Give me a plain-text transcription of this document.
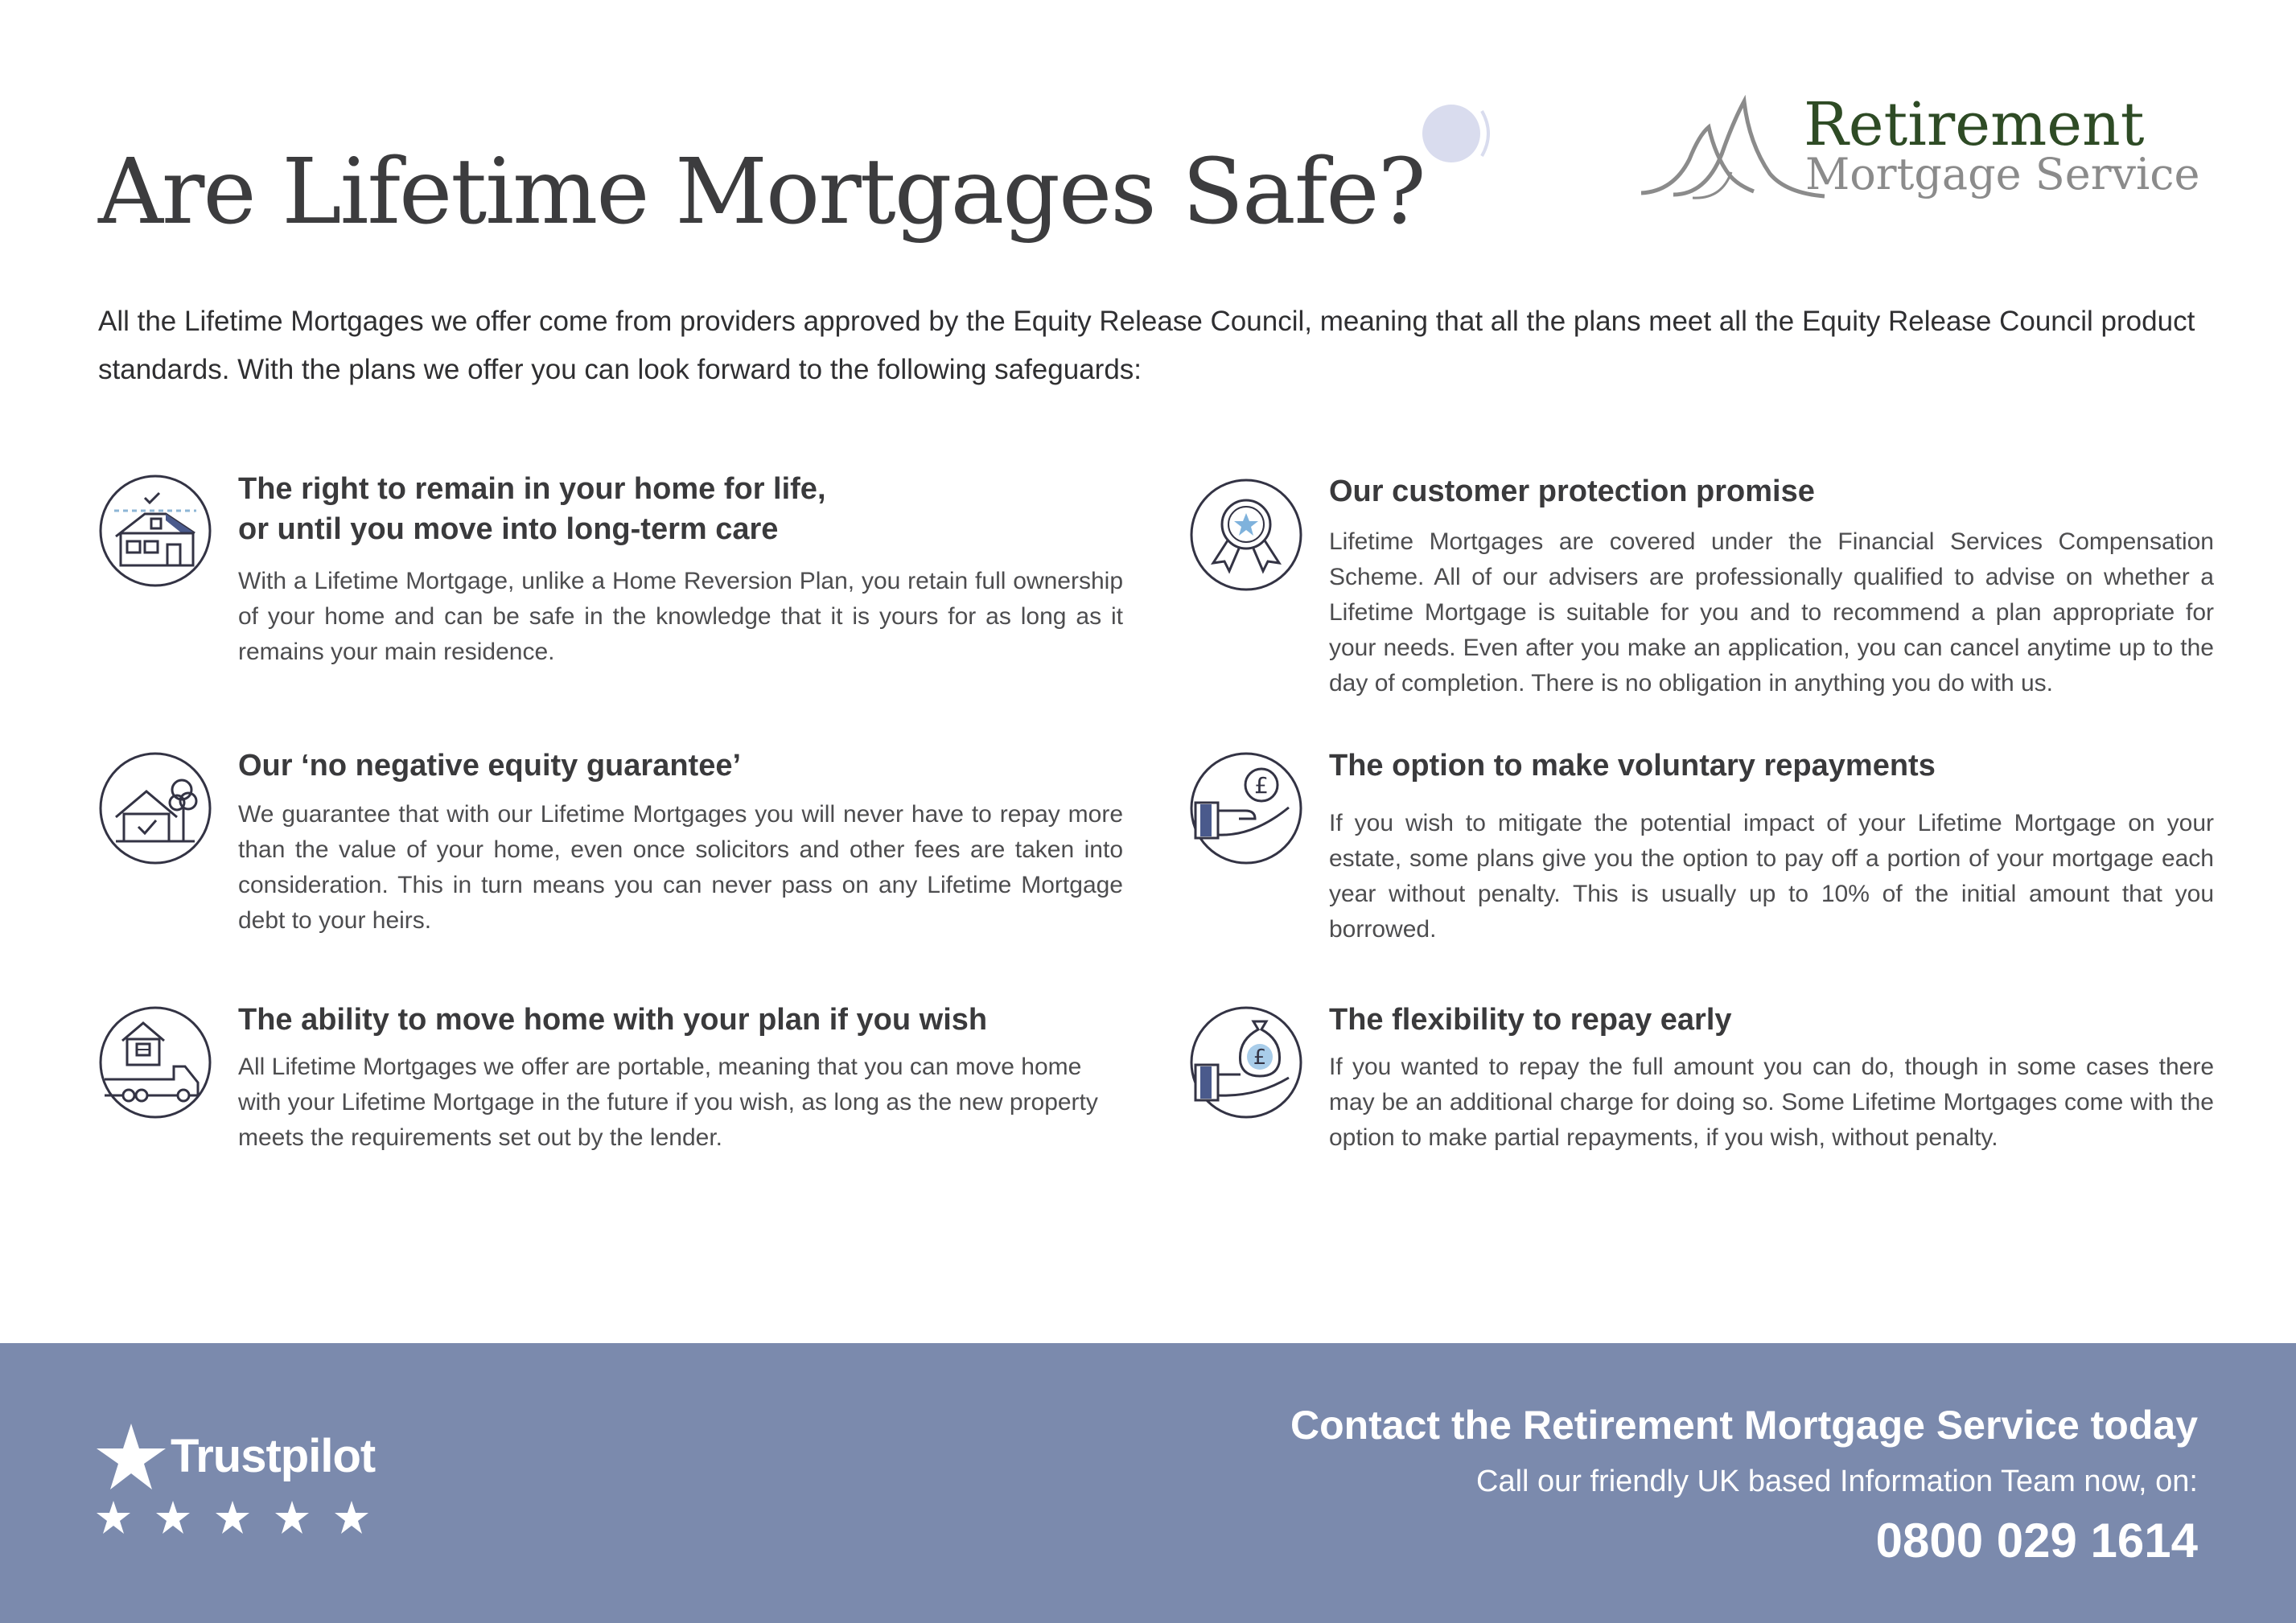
Are Lifetime Mortgages Safe?
Retirement
Mortgage Service

All the Lifetime Mortgages we offer come from providers approved by the Equity Release Council, meaning that all the plans meet all the Equity Release Council product standards. With the plans we offer you can look forward to the following safeguards:

The right to remain in your home for life,
or until you move into long-term care

With a Lifetime Mortgage, unlike a Home Reversion Plan, you retain full ownership of your home and can be safe in the knowledge that it is yours for as long as it remains your main residence.

Our customer protection promise

Lifetime Mortgages are covered under the Financial Services Compensation Scheme. All of our advisers are professionally qualified to advise on whether a Lifetime Mortgage is suitable for you and to recommend a plan appropriate for your needs. Even after you make an application, you can cancel anytime up to the day of completion. There is no obligation in anything you do with us.

Our ‘no negative equity guarantee’

We guarantee that with our Lifetime Mortgages you will never have to repay more than the value of your home, even once solicitors and other fees are taken into consideration. This in turn means you can never pass on any Lifetime Mortgage debt to your heirs.

£
The option to make voluntary repayments

If you wish to mitigate the potential impact of your Lifetime Mortgage on your estate, some plans give you the option to pay off a portion of your mortgage each year without penalty. This is usually up to 10% of the initial amount that you borrowed.

The ability to move home with your plan if you wish

All Lifetime Mortgages we offer are portable, meaning that you can move home with your Lifetime Mortgage in the future if you wish, as long as the new property meets the requirements set out by the lender.

£
The flexibility to repay early

If you wanted to repay the full amount you can do, though in some cases there may be an additional charge for doing so. Some Lifetime Mortgages come with the option to make partial repayments, if you wish, without penalty.

Trustpilot
Contact the Retirement Mortgage Service today
Call our friendly UK based Information Team now, on:
0800 029 1614
